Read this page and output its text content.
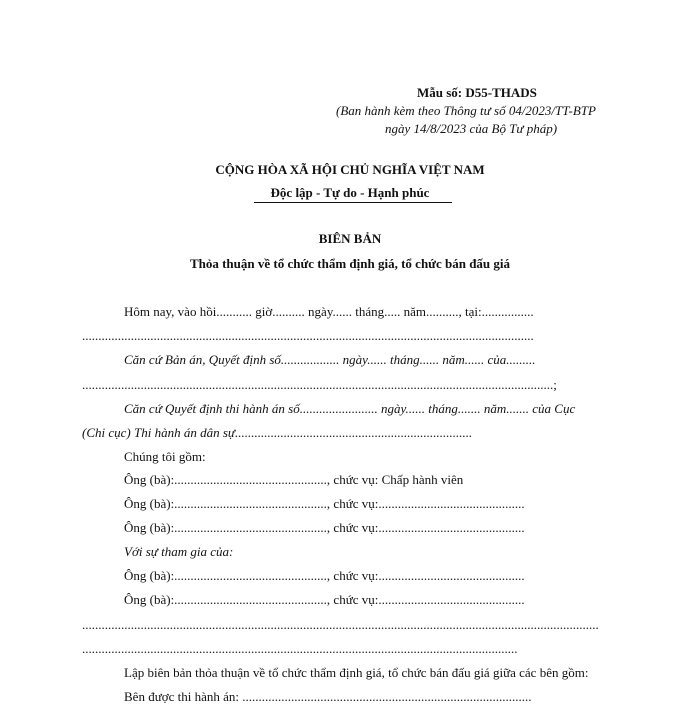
Mẫu số: D55-THADS
(Ban hành kèm theo Thông tư số 04/2023/TT-BTP
ngày 14/8/2023 của Bộ Tư pháp)
CỘNG HÒA XÃ HỘI CHỦ NGHĨA VIỆT NAM
Độc lập - Tự do - Hạnh phúc
BIÊN BẢN
Thỏa thuận về tổ chức thẩm định giá, tổ chức bán đấu giá
Hôm nay, vào hồi........... giờ.......... ngày...... tháng..... năm.........., tại:................
...........................................................................................................................................
Căn cứ Bản án, Quyết định số.................. ngày...... tháng...... năm...... của.........
.................................................................................................................................................;
Căn cứ Quyết định thi hành án số........................ ngày...... tháng....... năm....... của Cục
(Chi cục) Thi hành án dân sự.........................................................................
Chúng tôi gồm:
Ông (bà):..............................................., chức vụ: Chấp hành viên
Ông (bà):..............................................., chức vụ:.............................................
Ông (bà):..............................................., chức vụ:.............................................
Với sự tham gia của:
Ông (bà):..............................................., chức vụ:.............................................
Ông (bà):..............................................., chức vụ:.............................................
...............................................................................................................................................................
......................................................................................................................................
Lập biên bản thỏa thuận về tổ chức thẩm định giá, tổ chức bán đấu giá giữa các bên gồm:
Bên được thi hành án: .........................................................................................
